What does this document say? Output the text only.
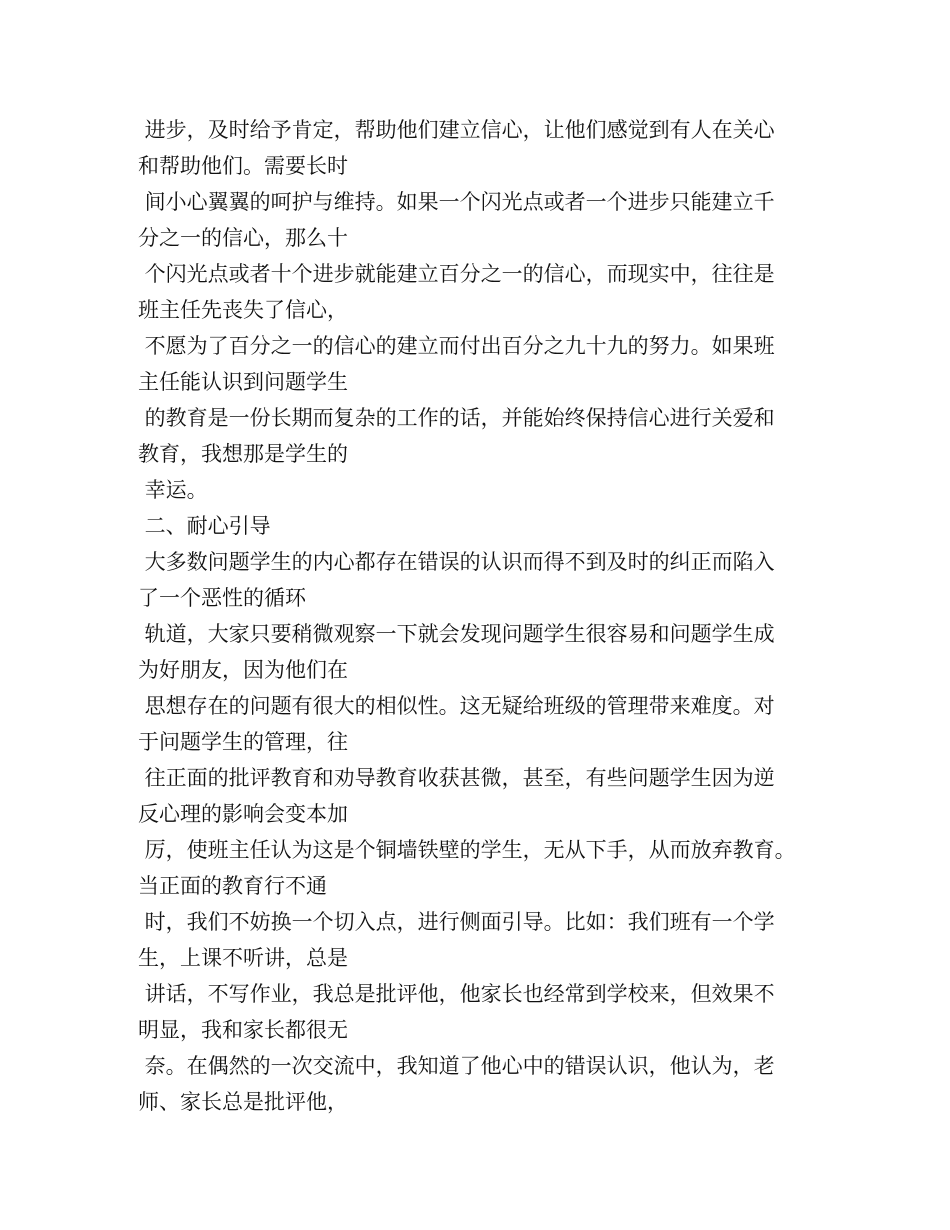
进步，及时给予肯定，帮助他们建立信心，让他们感觉到有人在关心
和帮助他们。需要长时
间小心翼翼的呵护与维持。如果一个闪光点或者一个进步只能建立千
分之一的信心，那么十
个闪光点或者十个进步就能建立百分之一的信心，而现实中，往往是
班主任先丧失了信心，
不愿为了百分之一的信心的建立而付出百分之九十九的努力。如果班
主任能认识到问题学生
的教育是一份长期而复杂的工作的话，并能始终保持信心进行关爱和
教育，我想那是学生的
幸运。
二、耐心引导
大多数问题学生的内心都存在错误的认识而得不到及时的纠正而陷入
了一个恶性的循环
轨道，大家只要稍微观察一下就会发现问题学生很容易和问题学生成
为好朋友，因为他们在
思想存在的问题有很大的相似性。这无疑给班级的管理带来难度。对
于问题学生的管理，往
往正面的批评教育和劝导教育收获甚微，甚至，有些问题学生因为逆
反心理的影响会变本加
厉，使班主任认为这是个铜墙铁壁的学生，无从下手，从而放弃教育。
当正面的教育行不通
时，我们不妨换一个切入点，进行侧面引导。比如：我们班有一个学
生，上课不听讲，总是
讲话，不写作业，我总是批评他，他家长也经常到学校来，但效果不
明显，我和家长都很无
奈。在偶然的一次交流中，我知道了他心中的错误认识，他认为，老
师、家长总是批评他，
